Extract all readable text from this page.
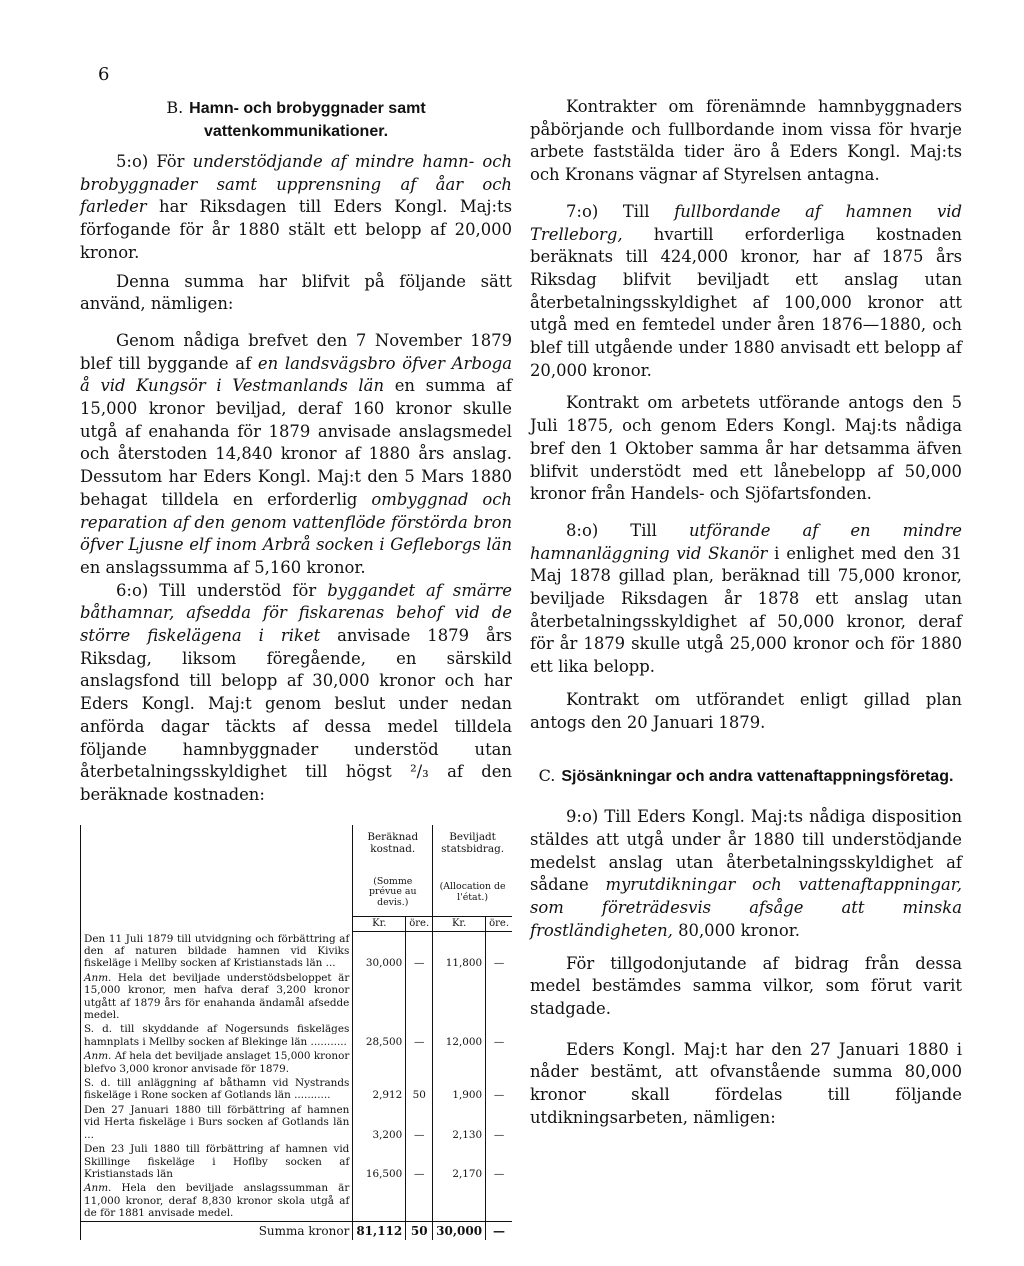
6
B. Hamn- och brobyggnader samt vattenkommunikationer.

5:o) För understödjande af mindre hamn- och brobyggnader samt upprensning af åar och farleder har Riksdagen till Eders Kongl. Maj:ts förfogande för år 1880 stält ett belopp af 20,000 kronor.

Denna summa har blifvit på följande sätt använd, nämligen:

Genom nådiga brefvet den 7 November 1879 blef till byggande af en landsvägsbro öfver Arboga å vid Kungsör i Vestmanlands län en summa af 15,000 kronor beviljad, deraf 160 kronor skulle utgå af enahanda för 1879 anvisade anslagsmedel och återstoden 14,840 kronor af 1880 års anslag. Dessutom har Eders Kongl. Maj:t den 5 Mars 1880 behagat tilldela en erforderlig ombyggnad och reparation af den genom vattenflöde förstörda bron öfver Ljusne elf inom Arbrå socken i Gefleborgs län en anslagssumma af 5,160 kronor.

6:o) Till understöd för byggandet af smärre båthamnar, afsedda för fiskarenas behof vid de större fiskelägena i riket anvisade 1879 års Riksdag, liksom föregående, en särskild anslagsfond till belopp af 30,000 kronor och har Eders Kongl. Maj:t genom beslut under nedan anförda dagar täckts af dessa medel tilldela följande hamnbyggnader understöd utan återbetalningsskyldighet till högst ²/₃ af den beräknade kostnaden:

	Beräknad kostnad.		Beviljadt statsbidrag.	
	(Somme prévue au devis.)		(Allocation de l'état.)	
	Kr.	öre.	Kr.	öre.
Den 11 Juli 1879 till utvidgning och förbättring af den af naturen bildade hamnen vid Kiviks fiskeläge i Mellby socken af Kristianstads län ...	30,000	—	11,800	—
Anm. Hela det beviljade understödsbeloppet är 15,000 kronor, men hafva deraf 3,200 kronor utgått af 1879 års för enahanda ändamål afsedde medel.				
S. d. till skyddande af Nogersunds fiskeläges hamnplats i Mellby socken af Blekinge län ...........	28,500	—	12,000	—
Anm. Af hela det beviljade anslaget 15,000 kronor blefvo 3,000 kronor anvisade för 1879.				
S. d. till anläggning af båthamn vid Nystrands fiskeläge i Rone socken af Gotlands län ...........	2,912	50	1,900	—
Den 27 Januari 1880 till förbättring af hamnen vid Herta fiskeläge i Burs socken af Gotlands län ...	3,200	—	2,130	—
Den 23 Juli 1880 till förbättring af hamnen vid Skillinge fiskeläge i Hoflby socken af Kristianstads län	16,500	—	2,170	—
Anm. Hela den beviljade anslagssumman är 11,000 kronor, deraf 8,830 kronor skola utgå af de för 1881 anvisade medel.				
Summa kronor	81,112	50	30,000	—

Kontrakter om förenämnde hamnbyggnaders påbörjande och fullbordande inom vissa för hvarje arbete faststälda tider äro å Eders Kongl. Maj:ts och Kronans vägnar af Styrelsen antagna.

7:o) Till fullbordande af hamnen vid Trelleborg, hvartill erforderliga kostnaden beräknats till 424,000 kronor, har af 1875 års Riksdag blifvit beviljadt ett anslag utan återbetalningsskyldighet af 100,000 kronor att utgå med en femtedel under åren 1876—1880, och blef till utgående under 1880 anvisadt ett belopp af 20,000 kronor.

Kontrakt om arbetets utförande antogs den 5 Juli 1875, och genom Eders Kongl. Maj:ts nådiga bref den 1 Oktober samma år har detsamma äfven blifvit understödt med ett lånebelopp af 50,000 kronor från Handels- och Sjöfartsfonden.

8:o) Till utförande af en mindre hamnanläggning vid Skanör i enlighet med den 31 Maj 1878 gillad plan, beräknad till 75,000 kronor, beviljade Riksdagen år 1878 ett anslag utan återbetalningsskyldighet af 50,000 kronor, deraf för år 1879 skulle utgå 25,000 kronor och för 1880 ett lika belopp.

Kontrakt om utförandet enligt gillad plan antogs den 20 Januari 1879.

C. Sjösänkningar och andra vattenaftappningsföretag.

9:o) Till Eders Kongl. Maj:ts nådiga disposition stäldes att utgå under år 1880 till understödjande medelst anslag utan återbetalningsskyldighet af sådane myrutdikningar och vattenaftappningar, som företrädesvis afsåge att minska frostländigheten, 80,000 kronor.

För tillgodonjutande af bidrag från dessa medel bestämdes samma vilkor, som förut varit stadgade.

Eders Kongl. Maj:t har den 27 Januari 1880 i nåder bestämt, att ofvanstående summa 80,000 kronor skall fördelas till följande utdikningsarbeten, nämligen:
